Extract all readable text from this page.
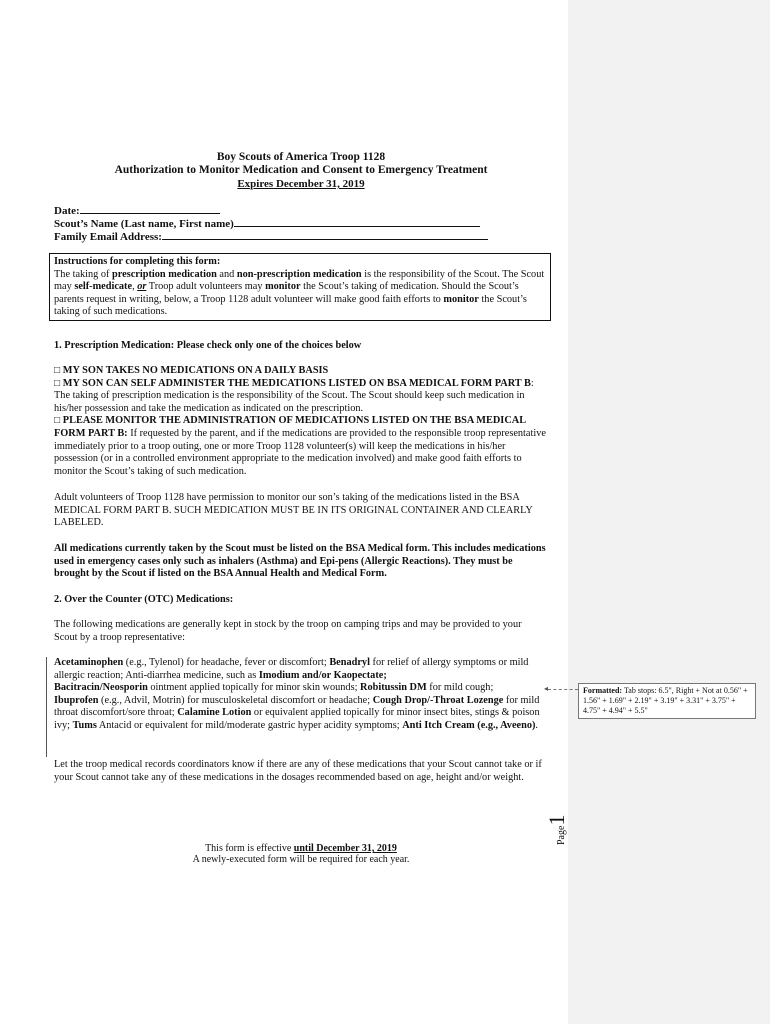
Boy Scouts of America Troop 1128
Authorization to Monitor Medication and Consent to Emergency Treatment
Expires December 31, 2019
Date:
Scout’s Name (Last name, First name)
Family Email Address:
Instructions for completing this form:
The taking of prescription medication and non-prescription medication is the responsibility of the Scout. The Scout may self-medicate, or Troop adult volunteers may monitor the Scout’s taking of medication. Should the Scout’s parents request in writing, below, a Troop 1128 adult volunteer will make good faith efforts to monitor the Scout’s taking of such medications.
1. Prescription Medication: Please check only one of the choices below
□ MY SON TAKES NO MEDICATIONS ON A DAILY BASIS
□ MY SON CAN SELF ADMINISTER THE MEDICATIONS LISTED ON BSA MEDICAL FORM PART B: The taking of prescription medication is the responsibility of the Scout. The Scout should keep such medication in his/her possession and take the medication as indicated on the prescription.
□ PLEASE MONITOR THE ADMINISTRATION OF MEDICATIONS LISTED ON THE BSA MEDICAL FORM PART B: If requested by the parent, and if the medications are provided to the responsible troop representative immediately prior to a troop outing, one or more Troop 1128 volunteer(s) will keep the medications in his/her possession (or in a controlled environment appropriate to the medication involved) and make good faith efforts to monitor the Scout’s taking of such medication.
Adult volunteers of Troop 1128 have permission to monitor our son’s taking of the medications listed in the BSA MEDICAL FORM PART B. SUCH MEDICATION MUST BE IN ITS ORIGINAL CONTAINER AND CLEARLY LABELED.
All medications currently taken by the Scout must be listed on the BSA Medical form. This includes medications used in emergency cases only such as inhalers (Asthma) and Epi-pens (Allergic Reactions). They must be brought by the Scout if listed on the BSA Annual Health and Medical Form.
2. Over the Counter (OTC) Medications:
The following medications are generally kept in stock by the troop on camping trips and may be provided to your Scout by a troop representative:
Acetaminophen (e.g., Tylenol) for headache, fever or discomfort; Benadryl for relief of allergy symptoms or mild allergic reaction; Anti-diarrhea medicine, such as Imodium and/or Kaopectate;
Bacitracin/Neosporin ointment applied topically for minor skin wounds; Robitussin DM for mild cough;
Ibuprofen (e.g., Advil, Motrin) for musculoskeletal discomfort or headache; Cough Drop/-Throat Lozenge for mild throat discomfort/sore throat; Calamine Lotion or equivalent applied topically for minor insect bites, stings & poison ivy; Tums Antacid or equivalent for mild/moderate gastric hyper acidity symptoms; Anti Itch Cream (e.g., Aveeno).
Let the troop medical records coordinators know if there are any of these medications that your Scout cannot take or if your Scout cannot take any of these medications in the dosages recommended based on age, height and/or weight.
◂	Formatted: Tab stops: 6.5", Right + Not at 0.56" + 1.56" + 1.69" + 2.19" + 3.19" + 3.31" + 3.75" + 4.75" + 4.94" + 5.5"
Page1
This form is effective until December 31, 2019
A newly-executed form will be required for each year.
